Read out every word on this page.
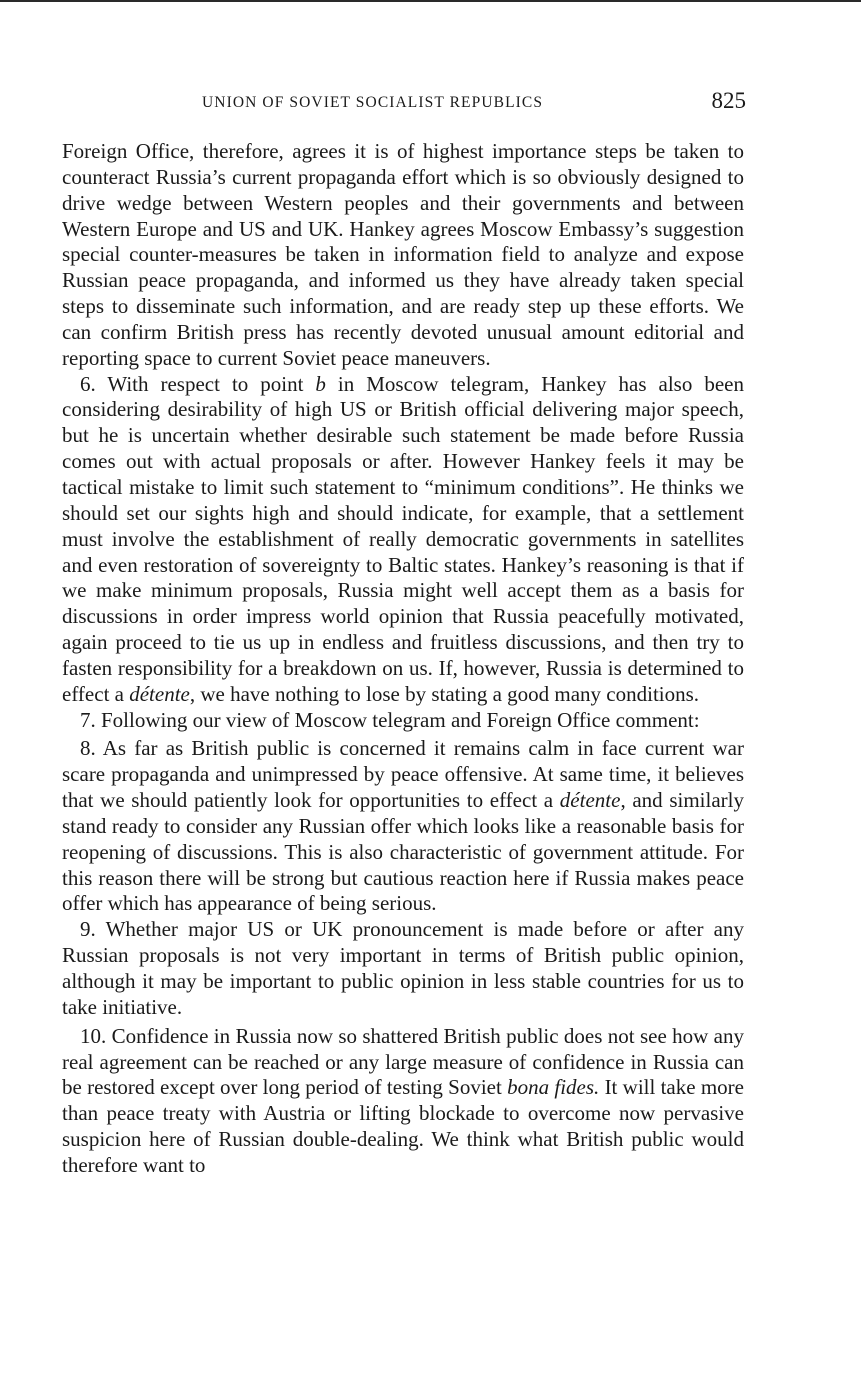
UNION OF SOVIET SOCIALIST REPUBLICS	825

Foreign Office, therefore, agrees it is of highest importance steps be taken to counteract Russia’s current propaganda effort which is so obviously designed to drive wedge between Western peoples and their governments and between Western Europe and US and UK. Hankey agrees Moscow Embassy’s suggestion special counter-measures be taken in information field to analyze and expose Russian peace propaganda, and informed us they have already taken special steps to disseminate such information, and are ready step up these efforts. We can confirm British press has recently devoted unusual amount editorial and reporting space to current Soviet peace maneuvers.

6. With respect to point b in Moscow telegram, Hankey has also been considering desirability of high US or British official delivering major speech, but he is uncertain whether desirable such statement be made before Russia comes out with actual proposals or after. However Hankey feels it may be tactical mistake to limit such statement to “minimum conditions”. He thinks we should set our sights high and should indicate, for example, that a settlement must involve the establishment of really democratic governments in satellites and even restoration of sovereignty to Baltic states. Hankey’s reasoning is that if we make minimum proposals, Russia might well accept them as a basis for discussions in order impress world opinion that Russia peacefully motivated, again proceed to tie us up in endless and fruitless discussions, and then try to fasten responsibility for a breakdown on us. If, however, Russia is determined to effect a détente, we have nothing to lose by stating a good many conditions.

7. Following our view of Moscow telegram and Foreign Office comment:

8. As far as British public is concerned it remains calm in face current war scare propaganda and unimpressed by peace offensive. At same time, it believes that we should patiently look for opportunities to effect a détente, and similarly stand ready to consider any Russian offer which looks like a reasonable basis for reopening of discussions. This is also characteristic of government attitude. For this reason there will be strong but cautious reaction here if Russia makes peace offer which has appearance of being serious.

9. Whether major US or UK pronouncement is made before or after any Russian proposals is not very important in terms of British public opinion, although it may be important to public opinion in less stable countries for us to take initiative.

10. Confidence in Russia now so shattered British public does not see how any real agreement can be reached or any large measure of confidence in Russia can be restored except over long period of testing Soviet bona fides. It will take more than peace treaty with Austria or lifting blockade to overcome now pervasive suspicion here of Russian double-dealing. We think what British public would therefore want to
